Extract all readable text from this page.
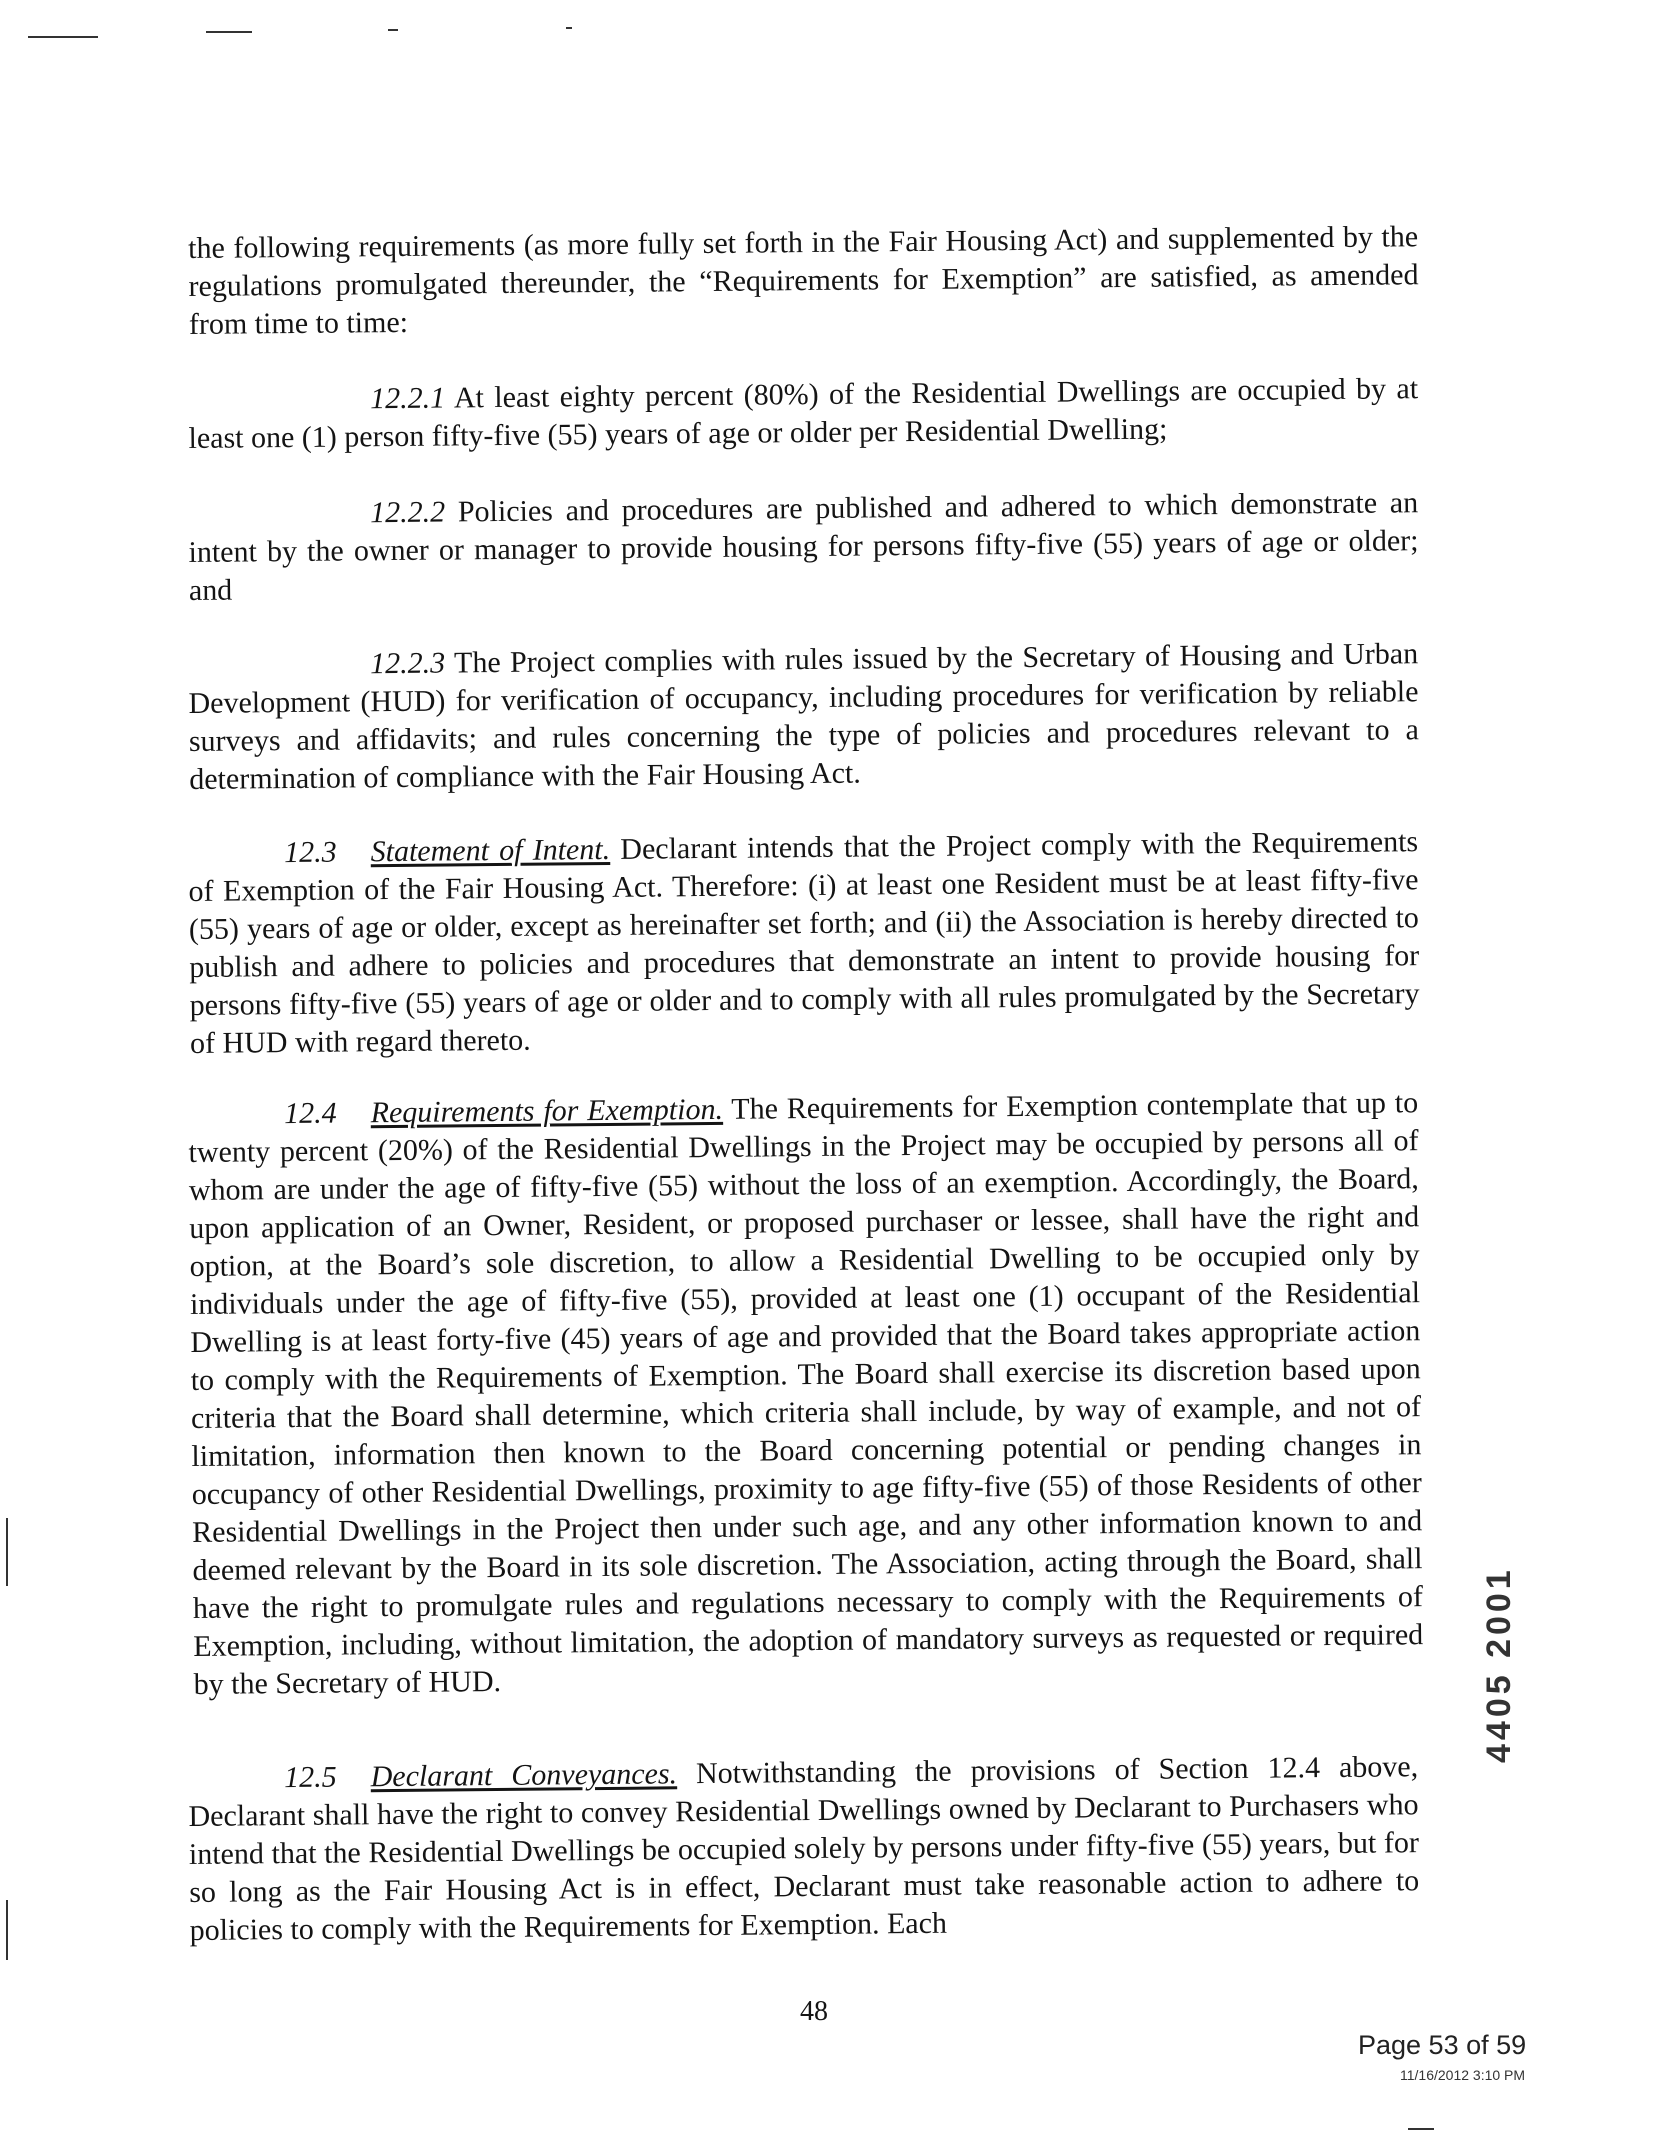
the following requirements (as more fully set forth in the Fair Housing Act) and supplemented by the regulations promulgated thereunder, the “Requirements for Exemption” are satisfied, as amended from time to time:

12.2.1 At least eighty percent (80%) of the Residential Dwellings are occupied by at least one (1) person fifty-five (55) years of age or older per Residential Dwelling;

12.2.2 Policies and procedures are published and adhered to which demonstrate an intent by the owner or manager to provide housing for persons fifty-five (55) years of age or older; and

12.2.3 The Project complies with rules issued by the Secretary of Housing and Urban Development (HUD) for verification of occupancy, including procedures for verification by reliable surveys and affidavits; and rules concerning the type of policies and procedures relevant to a determination of compliance with the Fair Housing Act.

12.3 Statement of Intent. Declarant intends that the Project comply with the Requirements of Exemption of the Fair Housing Act. Therefore: (i) at least one Resident must be at least fifty-five (55) years of age or older, except as hereinafter set forth; and (ii) the Association is hereby directed to publish and adhere to policies and procedures that demonstrate an intent to provide housing for persons fifty-five (55) years of age or older and to comply with all rules promulgated by the Secretary of HUD with regard thereto.

12.4 Requirements for Exemption. The Requirements for Exemption contemplate that up to twenty percent (20%) of the Residential Dwellings in the Project may be occupied by persons all of whom are under the age of fifty-five (55) without the loss of an exemption. Accordingly, the Board, upon application of an Owner, Resident, or proposed purchaser or lessee, shall have the right and option, at the Board’s sole discretion, to allow a Residential Dwelling to be occupied only by individuals under the age of fifty-five (55), provided at least one (1) occupant of the Residential Dwelling is at least forty-five (45) years of age and provided that the Board takes appropriate action to comply with the Requirements of Exemption. The Board shall exercise its discretion based upon criteria that the Board shall determine, which criteria shall include, by way of example, and not of limitation, information then known to the Board concerning potential or pending changes in occupancy of other Residential Dwellings, proximity to age fifty-five (55) of those Residents of other Residential Dwellings in the Project then under such age, and any other information known to and deemed relevant by the Board in its sole discretion. The Association, acting through the Board, shall have the right to promulgate rules and regulations necessary to comply with the Requirements of Exemption, including, without limitation, the adoption of mandatory surveys as requested or required by the Secretary of HUD.

12.5 Declarant Conveyances. Notwithstanding the provisions of Section 12.4 above, Declarant shall have the right to convey Residential Dwellings owned by Declarant to Purchasers who intend that the Residential Dwellings be occupied solely by persons under fifty-five (55) years, but for so long as the Fair Housing Act is in effect, Declarant must take reasonable action to adhere to policies to comply with the Requirements for Exemption. Each

4405 2001
48
Page 53 of 59
11/16/2012 3:10 PM
